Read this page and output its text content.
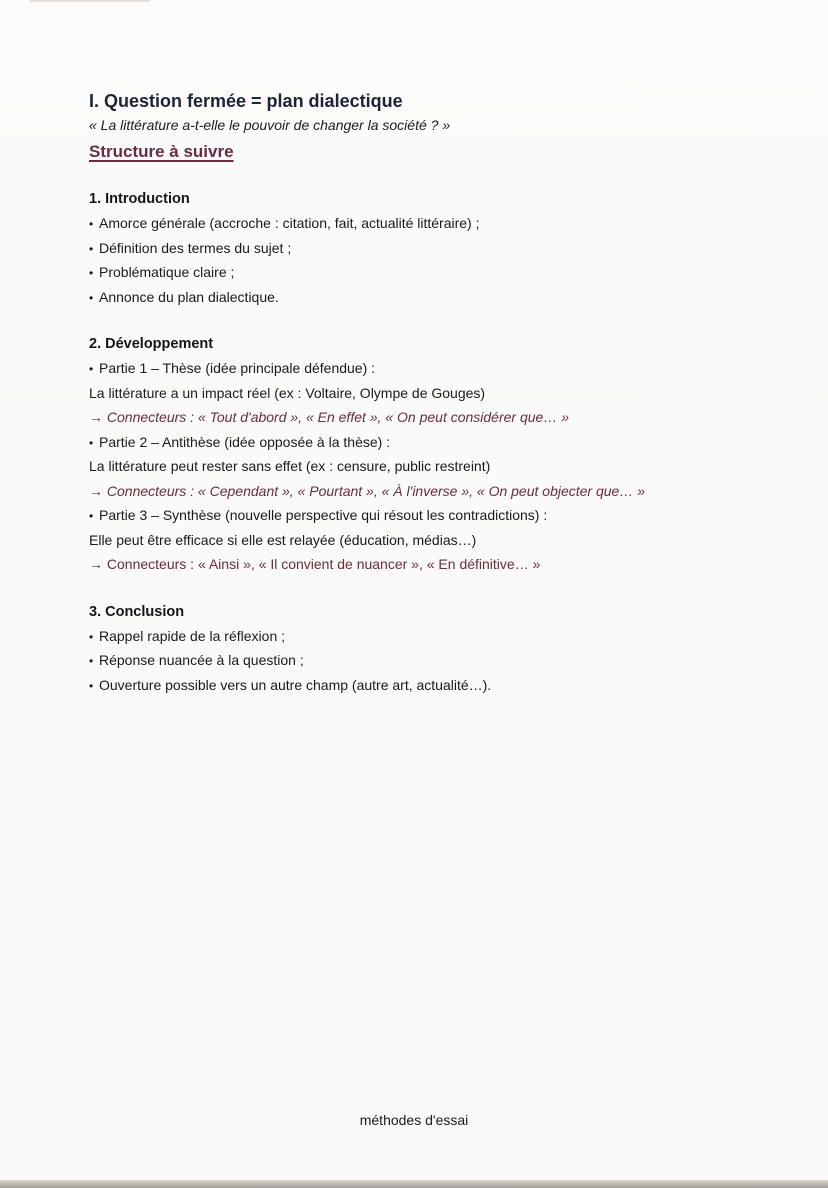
I. Question fermée = plan dialectique
« La littérature a-t-elle le pouvoir de changer la société ? »
Structure à suivre
1. Introduction
• Amorce générale (accroche : citation, fait, actualité littéraire) ;
• Définition des termes du sujet ;
• Problématique claire ;
• Annonce du plan dialectique.
2. Développement
• Partie 1 – Thèse (idée principale défendue) :
La littérature a un impact réel (ex : Voltaire, Olympe de Gouges)
→ Connecteurs : « Tout d'abord », « En effet », « On peut considérer que… »
• Partie 2 – Antithèse (idée opposée à la thèse) :
La littérature peut rester sans effet (ex : censure, public restreint)
→ Connecteurs : « Cependant », « Pourtant », « À l'inverse », « On peut objecter que… »
• Partie 3 – Synthèse (nouvelle perspective qui résout les contradictions) :
Elle peut être efficace si elle est relayée (éducation, médias…)
→ Connecteurs : « Ainsi », « Il convient de nuancer », « En définitive… »
3. Conclusion
• Rappel rapide de la réflexion ;
• Réponse nuancée à la question ;
• Ouverture possible vers un autre champ (autre art, actualité…).
méthodes d'essai
